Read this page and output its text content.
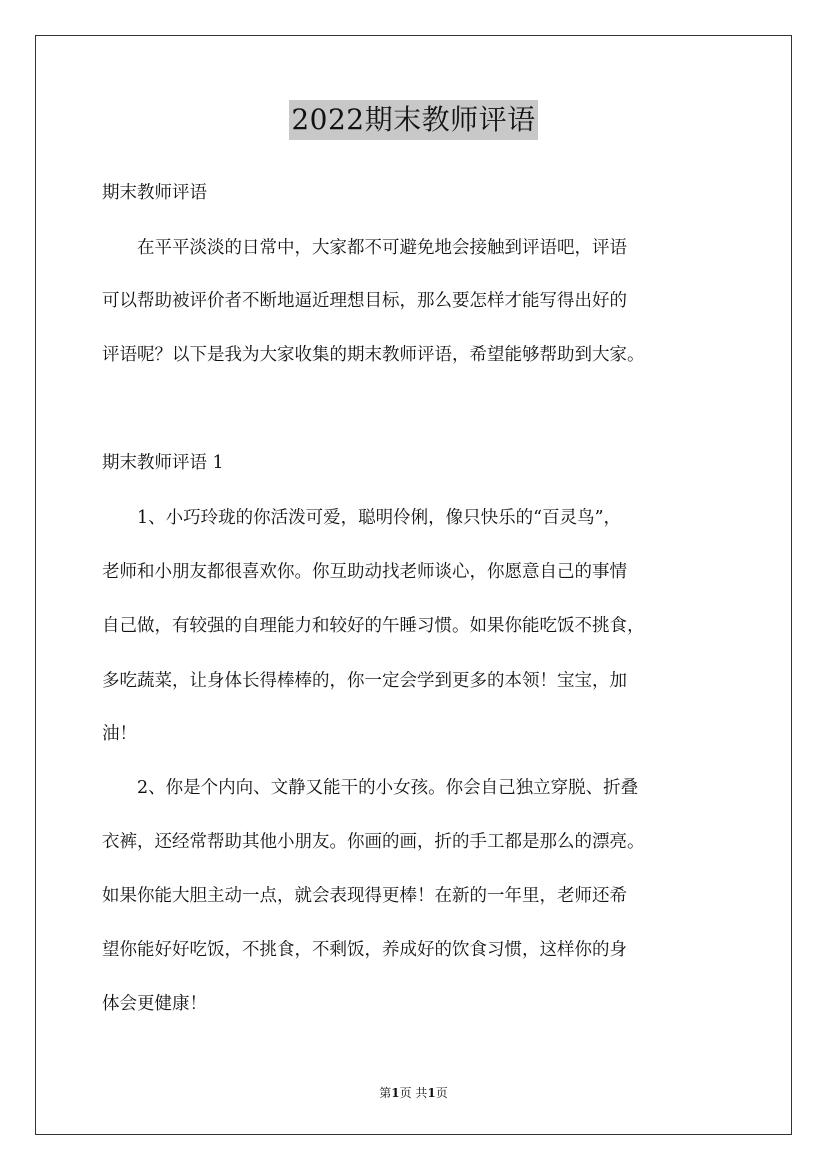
2022期末教师评语

期末教师评语

在平平淡淡的日常中，大家都不可避免地会接触到评语吧，评语

可以帮助被评价者不断地逼近理想目标，那么要怎样才能写得出好的

评语呢？以下是我为大家收集的期末教师评语，希望能够帮助到大家。

期末教师评语 1

1、小巧玲珑的你活泼可爱，聪明伶俐，像只快乐的“百灵鸟”，

老师和小朋友都很喜欢你。你互助动找老师谈心，你愿意自己的事情

自己做，有较强的自理能力和较好的午睡习惯。如果你能吃饭不挑食，

多吃蔬菜，让身体长得棒棒的，你一定会学到更多的本领！宝宝，加

油！

2、你是个内向、文静又能干的小女孩。你会自己独立穿脱、折叠

衣裤，还经常帮助其他小朋友。你画的画，折的手工都是那么的漂亮。

如果你能大胆主动一点，就会表现得更棒！在新的一年里，老师还希

望你能好好吃饭，不挑食，不剩饭，养成好的饮食习惯，这样你的身

体会更健康！

第1页 共1页
